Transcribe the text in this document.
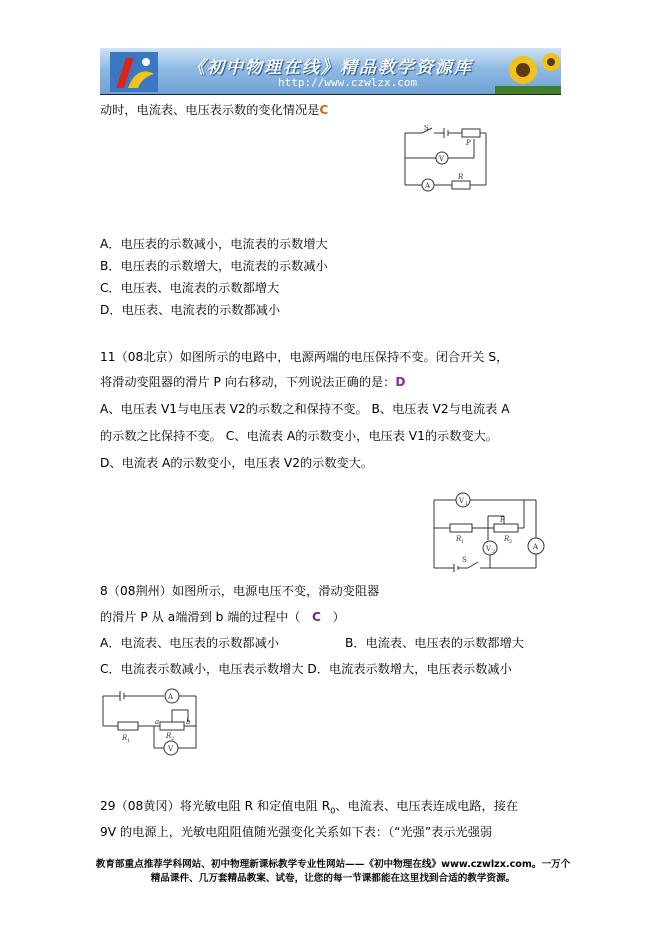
《初中物理在线》精品教学资源库
http://www.czwlzx.com
动时，电流表、电压表示数的变化情况是C
S
P
V
A
R
A．电压表的示数减小，电流表的示数增大
B．电压表的示数增大，电流表的示数减小
C．电压表、电流表的示数都增大
D．电压表、电流表的示数都减小
11（08北京）如图所示的电路中，电源两端的电压保持不变。闭合开关 S，
将滑动变阻器的滑片 P 向右移动，下列说法正确的是：D
A、电压表 V1与电压表 V2的示数之和保持不变。 B、电压表 V2与电流表 A
的示数之比保持不变。 C、电流表 A的示数变小，电压表 V1的示数变大。
D、电流表 A的示数变小，电压表 V2的示数变大。
V 1
P
R 1	R 2
V 2
A
S
8（08荆州）如图所示，电源电压不变，滑动变阻器
的滑片 P 从 a端滑到 b 端的过程中（ C ）
A．电流表、电压表的示数都减小	B．电流表、电压表的示数都增大
C．电流表示数减小，电压表示数增大 D．电流表示数增大，电压表示数减小
A
R 1
a
R 2
b
V
29（08黄冈）将光敏电阻 R 和定值电阻 $R_0$、电流表、电压表连成电路，接在
9V 的电源上，光敏电阻阻值随光强变化关系如下表：（“光强”表示光强弱
教育部重点推荐学科网站、初中物理新课标教学专业性网站——《初中物理在线》www.czwlzx.com。一万个
精品课件、几万套精品教案、试卷，让您的每一节课都能在这里找到合适的教学资源。
